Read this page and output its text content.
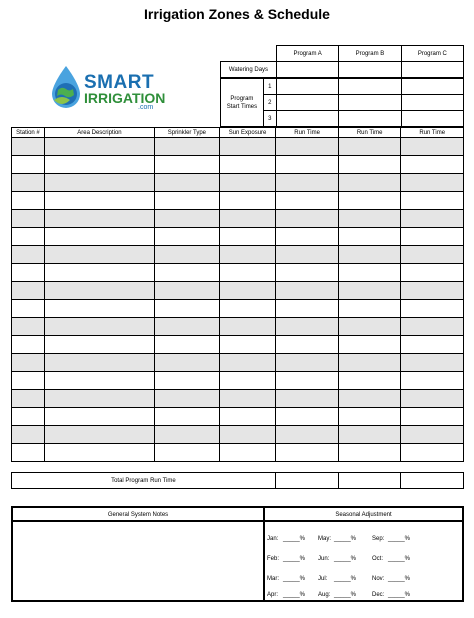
Irrigation Zones & Schedule
SMART
IRRIGATION
.com
	Program A	Program B	Program C
Watering Days			
Program
Start Times	1			
	2			
	3			
Station #	Area Description	Sprinkler Type	Sun Exposure	Run Time	Run Time	Run Time

Total Program Run Time			
General System Notes	Seasonal Adjustment
Jan: _____% May: _____%	Sep: _____%
Feb: _____% Jun: _____%	Oct: _____%
Mar: _____% Jul: _____%	Nov: _____%
Apr: _____% Aug: _____%	Dec: _____%
